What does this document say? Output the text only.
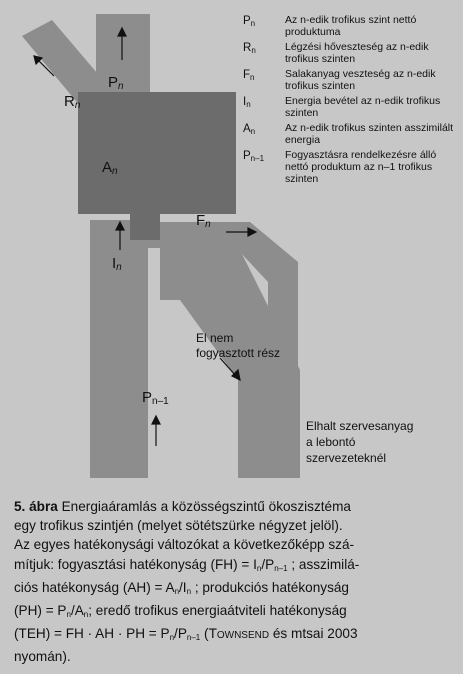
Pn
Rn
An
Fn
In
Pn–1
El nem fogyasztott rész
Elhalt szervesanyag a lebontó szervezeteknél
Pn	Az n-edik trofikus szint nettó produktuma
Rn	Légzési hőveszteség az n-edik trofikus szinten
Fn	Salakanyag veszteség az n-edik trofikus szinten
In	Energia bevétel az n-edik trofikus szinten
An	Az n-edik trofikus szinten asszimilált energia
Pn–1 Fogyasztásra rendelkezésre álló nettó produktum az n–1 trofikus szinten
5. ábra Energiaáramlás a közösségszintű ökoszisztéma
egy trofikus szintjén (melyet sötétszürke négyzet jelöl).
Az egyes hatékonysági változókat a következőképp szá-
mítjuk: fogyasztási hatékonyság (FH) = In/Pn–1 ; asszimilá-
ciós hatékonyság (AH) = An/In ; produkciós hatékonyság
(PH) = Pn/An; eredő trofikus energiaátviteli hatékonyság
(TEH) = FH · AH · PH = Pn/Pn–1 (Townsend és mtsai 2003
nyomán).
